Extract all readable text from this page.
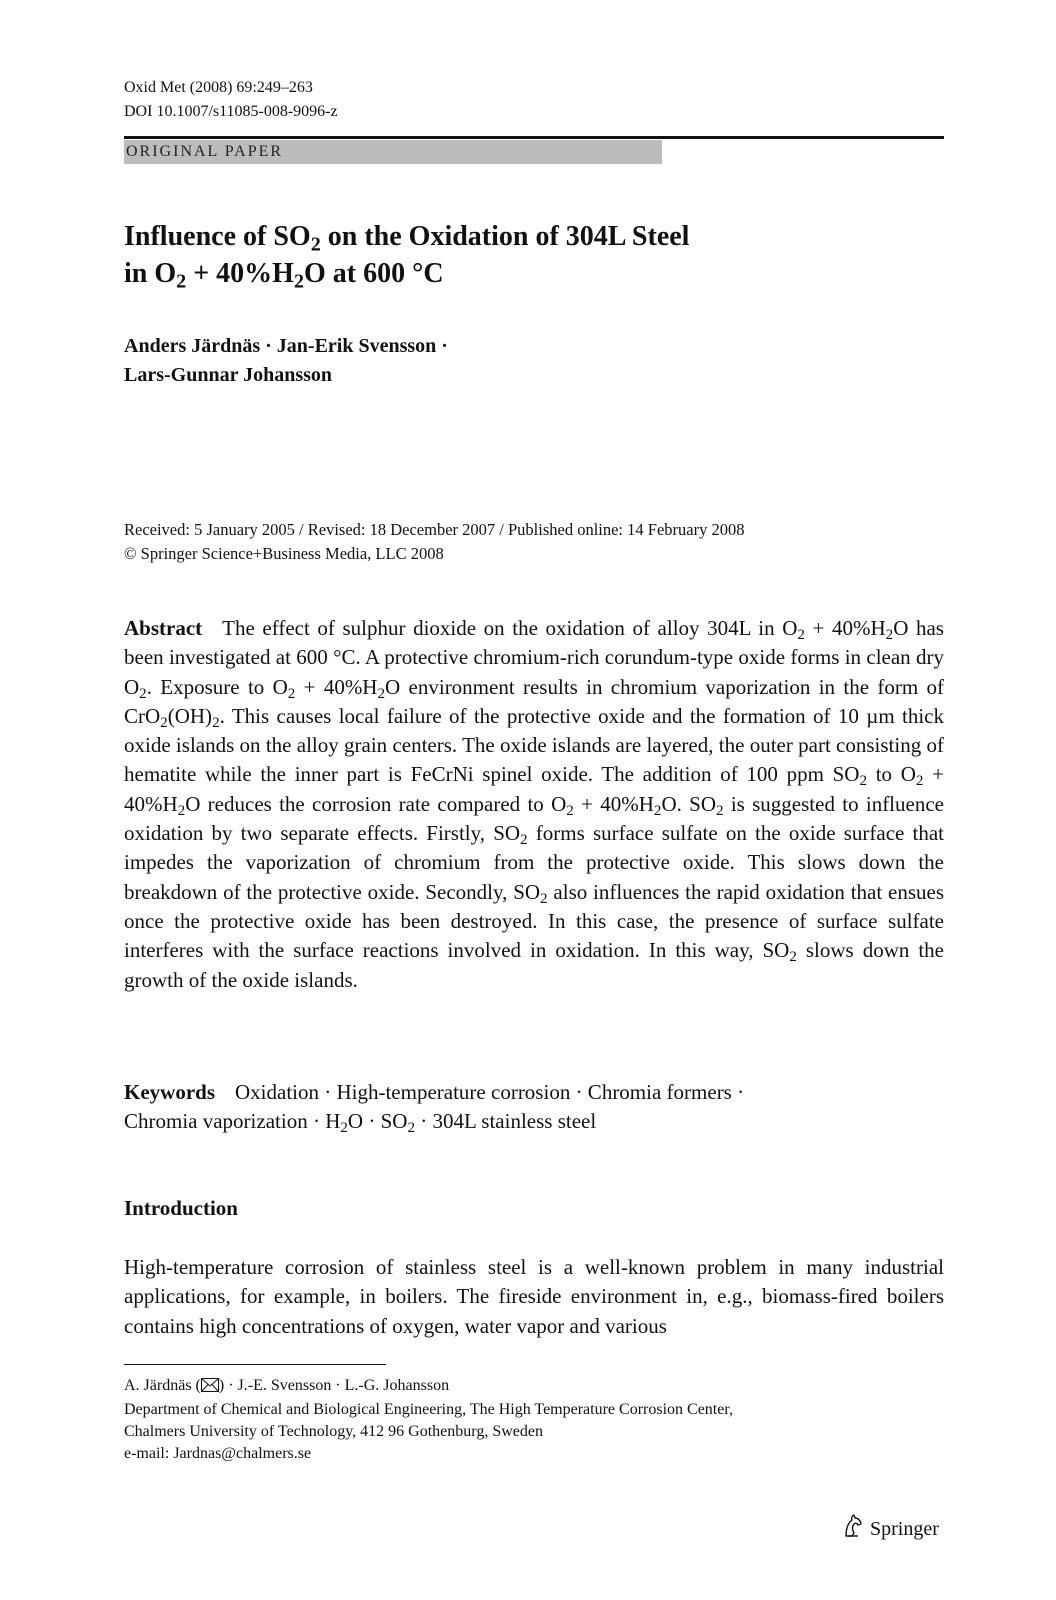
Oxid Met (2008) 69:249–263
DOI 10.1007/s11085-008-9096-z
ORIGINAL PAPER
Influence of $SO_2$ on the Oxidation of 304L Steel
in $O_2 + 40\%H_2O$ at 600 °C
Anders Järdnäs · Jan-Erik Svensson ·
Lars-Gunnar Johansson
Received: 5 January 2005 / Revised: 18 December 2007 / Published online: 14 February 2008
© Springer Science+Business Media, LLC 2008
Abstract The effect of sulphur dioxide on the oxidation of alloy 304L in $O_2 + 40\%H_2O$ has been investigated at 600 °C. A protective chromium-rich corundum-type oxide forms in clean dry $O_2$. Exposure to $O_2 + 40\%H_2O$ environment results in chromium vaporization in the form of $CrO_2(OH)_2$. This causes local failure of the protective oxide and the formation of 10 µm thick oxide islands on the alloy grain centers. The oxide islands are layered, the outer part consisting of hematite while the inner part is FeCrNi spinel oxide. The addition of 100 ppm $SO_2$ to $O_2 + 40\%H_2O$ reduces the corrosion rate compared to $O_2 + 40\%H_2O$. $SO_2$ is suggested to influence oxidation by two separate effects. Firstly, $SO_2$ forms surface sulfate on the oxide surface that impedes the vaporization of chromium from the protective oxide. This slows down the breakdown of the protective oxide. Secondly, $SO_2$ also influences the rapid oxidation that ensues once the protective oxide has been destroyed. In this case, the presence of surface sulfate interferes with the surface reactions involved in oxidation. In this way, $SO_2$ slows down the growth of the oxide islands.
Keywords Oxidation · High-temperature corrosion · Chromia formers ·
Chromia vaporization · $H_2O \cdot SO_2 \cdot 304L$ stainless steel
Introduction
High-temperature corrosion of stainless steel is a well-known problem in many industrial applications, for example, in boilers. The fireside environment in, e.g., biomass-fired boilers contains high concentrations of oxygen, water vapor and various
A. Järdnäs ( ) · J.-E. Svensson · L.-G. Johansson
Department of Chemical and Biological Engineering, The High Temperature Corrosion Center,
Chalmers University of Technology, 412 96 Gothenburg, Sweden
e-mail: Jardnas@chalmers.se
Springer
